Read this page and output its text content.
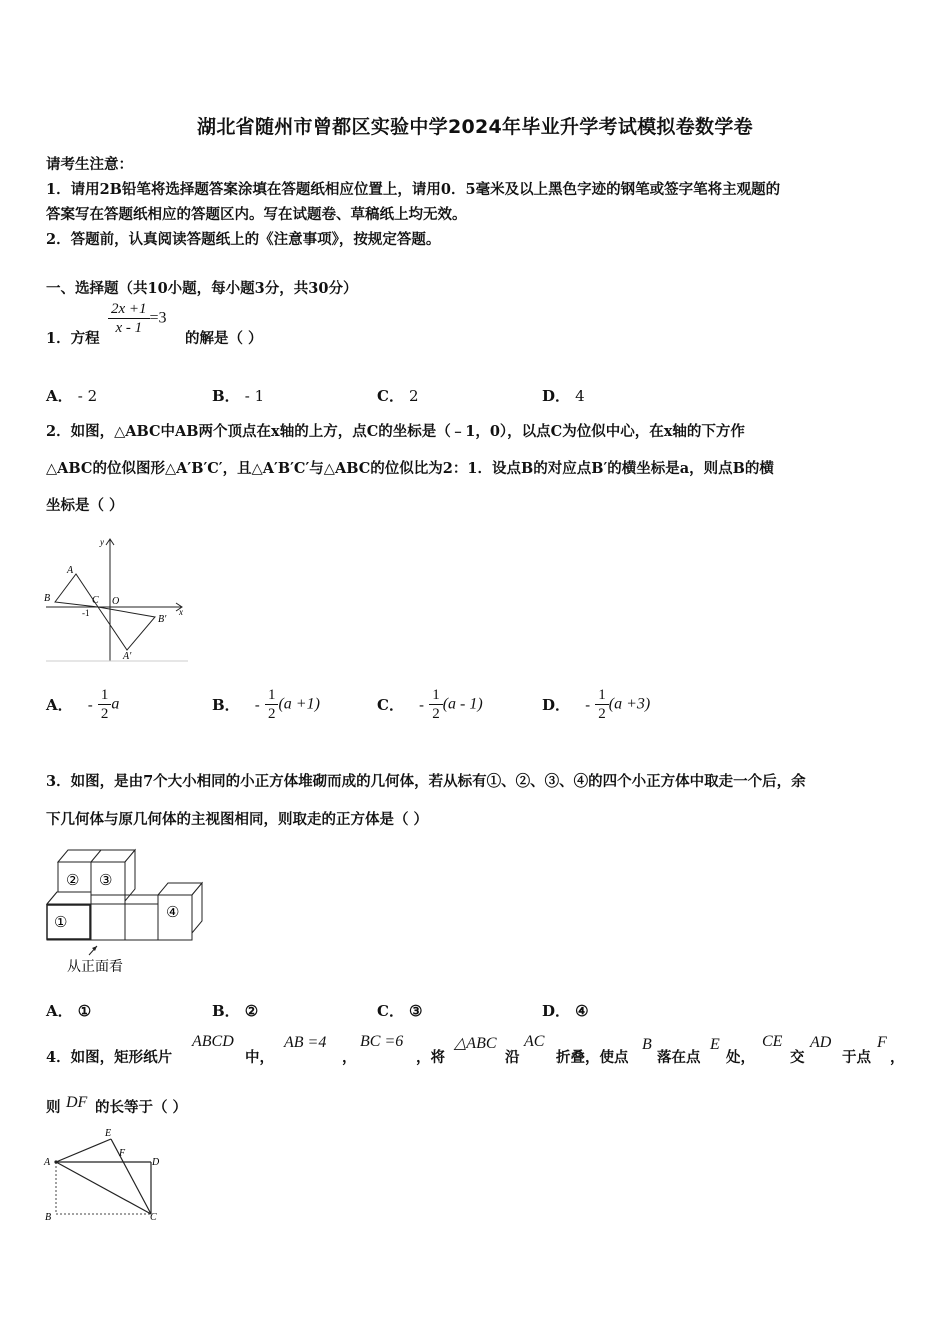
湖北省随州市曾都区实验中学2024年毕业升学考试模拟卷数学卷
请考生注意：
1．请用2B铅笔将选择题答案涂填在答题纸相应位置上，请用0．5毫米及以上黑色字迹的钢笔或签字笔将主观题的
答案写在答题纸相应的答题区内。写在试题卷、草稿纸上均无效。
2．答题前，认真阅读答题纸上的《注意事项》，按规定答题。
一、选择题（共10小题，每小题3分，共30分）
1．方程
$\frac{2x +1}{x - 1} =3$
的解是（ ）
A． - 2	B． - 1	C． 2	D． 4
2．如图，△ABC中AB两个顶点在x轴的上方，点C的坐标是（﹣1，0），以点C为位似中心，在x轴的下方作
△ABC的位似图形△A′B′C′，且△A′B′C′与△ABC的位似比为2：1．设点B的对应点B′的横坐标是a，则点B的横
坐标是（ ）
y
x
A
B	C O
-1
B′
A′
A． - $\frac{1}{2}$ a	B． - $\frac{1}{2} (a +1)$	C． - $\frac{1}{2} (a - 1)$	D． - $\frac{1}{2} (a +3)$
3．如图，是由7个大小相同的小正方体堆砌而成的几何体，若从标有①、②、③、④的四个小正方体中取走一个后，余
下几何体与原几何体的主视图相同，则取走的正方体是（ ）
② ③
①
④
从正面看
A． ①	B． ②	C． ③	D． ④
4．如图，矩形纸片
ABCD
中，
AB =4
，
BC =6
，将
△ABC
沿
AC
折叠，使点
B
落在点
E
处，
CE
交
AD
于点
F
，
则 DF 的长等于（ ）
A
B	C
D
E
F
